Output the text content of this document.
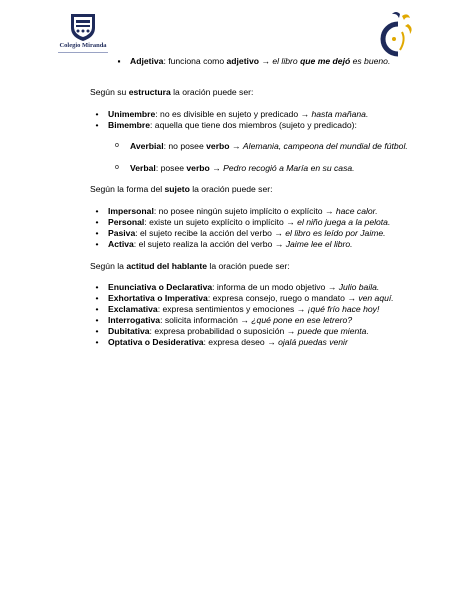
Colegio Miranda
▪	Adjetiva: funciona como adjetivo → el libro que me dejó es bueno.
Según su estructura la oración puede ser:
•	Unimembre: no es divisible en sujeto y predicado → hasta mañana.
•	Bimembre: aquella que tiene dos miembros (sujeto y predicado):
o	Averbial: no posee verbo → Alemania, campeona del mundial de fútbol.
o	Verbal: posee verbo → Pedro recogió a María en su casa.
Según la forma del sujeto la oración puede ser:
•	Impersonal: no posee ningún sujeto implícito o explícito → hace calor.
•	Personal: existe un sujeto explícito o implícito → el niño juega a la pelota.
•	Pasiva: el sujeto recibe la acción del verbo → el libro es leído por Jaime.
•	Activa: el sujeto realiza la acción del verbo → Jaime lee el libro.
Según la actitud del hablante la oración puede ser:
•	Enunciativa o Declarativa: informa de un modo objetivo → Julio baila.
•	Exhortativa o Imperativa: expresa consejo, ruego o mandato → ven aquí.
•	Exclamativa: expresa sentimientos y emociones → ¡qué frío hace hoy!
•	Interrogativa: solicita información → ¿qué pone en ese letrero?
•	Dubitativa: expresa probabilidad o suposición → puede que mienta.
•	Optativa o Desiderativa: expresa deseo → ojalá puedas venir
